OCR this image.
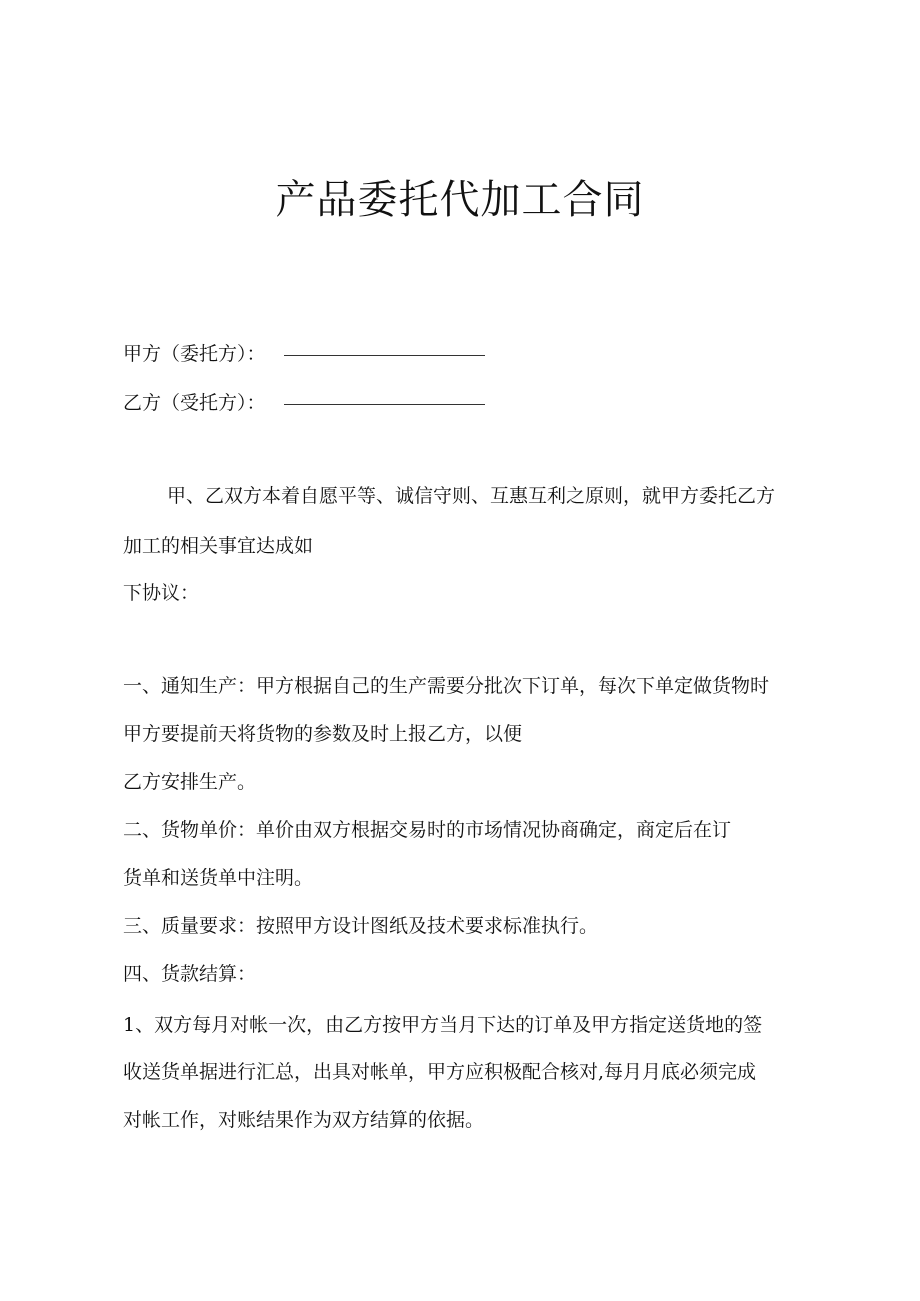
产品委托代加工合同
甲方（委托方）：
乙方（受托方）：
甲、乙双方本着自愿平等、诚信守则、互惠互利之原则，就甲方委托乙方
加工的相关事宜达成如
下协议：
一、通知生产：甲方根据自己的生产需要分批次下订单，每次下单定做货物时
甲方要提前天将货物的参数及时上报乙方，以便
乙方安排生产。
二、货物单价：单价由双方根据交易时的市场情况协商确定，商定后在订
货单和送货单中注明。
三、质量要求：按照甲方设计图纸及技术要求标准执行。
四、货款结算：
1、双方每月对帐一次，由乙方按甲方当月下达的订单及甲方指定送货地的签
收送货单据进行汇总，出具对帐单，甲方应积极配合核对,每月月底必须完成
对帐工作，对账结果作为双方结算的依据。
